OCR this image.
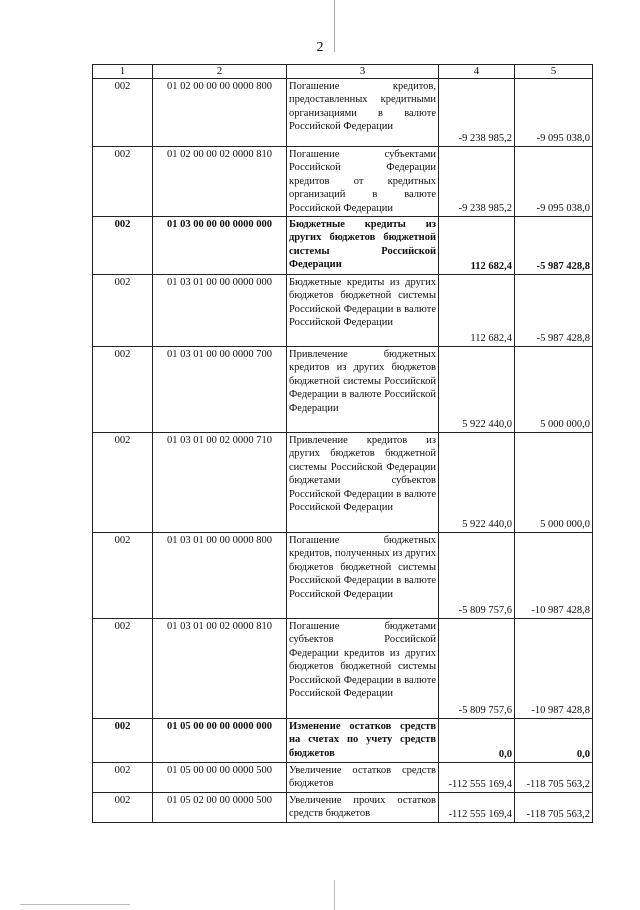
2
1	2	3	4	5
002	01 02 00 00 00 0000 800	Погашение кредитов, предоставленных кредитными организациями в валюте Российской Федерации	-9 238 985,2	-9 095 038,0
002	01 02 00 00 02 0000 810	Погашение субъектами Российской Федерации кредитов от кредитных организаций в валюте Российской Федерации	-9 238 985,2	-9 095 038,0
002	01 03 00 00 00 0000 000	Бюджетные кредиты из других бюджетов бюджетной системы Российской Федерации	112 682,4	-5 987 428,8
002	01 03 01 00 00 0000 000	Бюджетные кредиты из других бюджетов бюджетной системы Российской Федерации в валюте Российской Федерации	112 682,4	-5 987 428,8
002	01 03 01 00 00 0000 700	Привлечение бюджетных кредитов из других бюджетов бюджетной системы Российской Федерации в валюте Российской Федерации	5 922 440,0	5 000 000,0
002	01 03 01 00 02 0000 710	Привлечение кредитов из других бюджетов бюджетной системы Российской Федерации бюджетами субъектов Российской Федерации в валюте Российской Федерации	5 922 440,0	5 000 000,0
002	01 03 01 00 00 0000 800	Погашение бюджетных кредитов, полученных из других бюджетов бюджетной системы Российской Федерации в валюте Российской Федерации	-5 809 757,6	-10 987 428,8
002	01 03 01 00 02 0000 810	Погашение бюджетами субъектов Российской Федерации кредитов из других бюджетов бюджетной системы Российской Федерации в валюте Российской Федерации	-5 809 757,6	-10 987 428,8
002	01 05 00 00 00 0000 000	Изменение остатков средств на счетах по учету средств бюджетов	0,0	0,0
002	01 05 00 00 00 0000 500	Увеличение остатков средств бюджетов	-112 555 169,4	-118 705 563,2
002	01 05 02 00 00 0000 500	Увеличение прочих остатков средств бюджетов	-112 555 169,4	-118 705 563,2
